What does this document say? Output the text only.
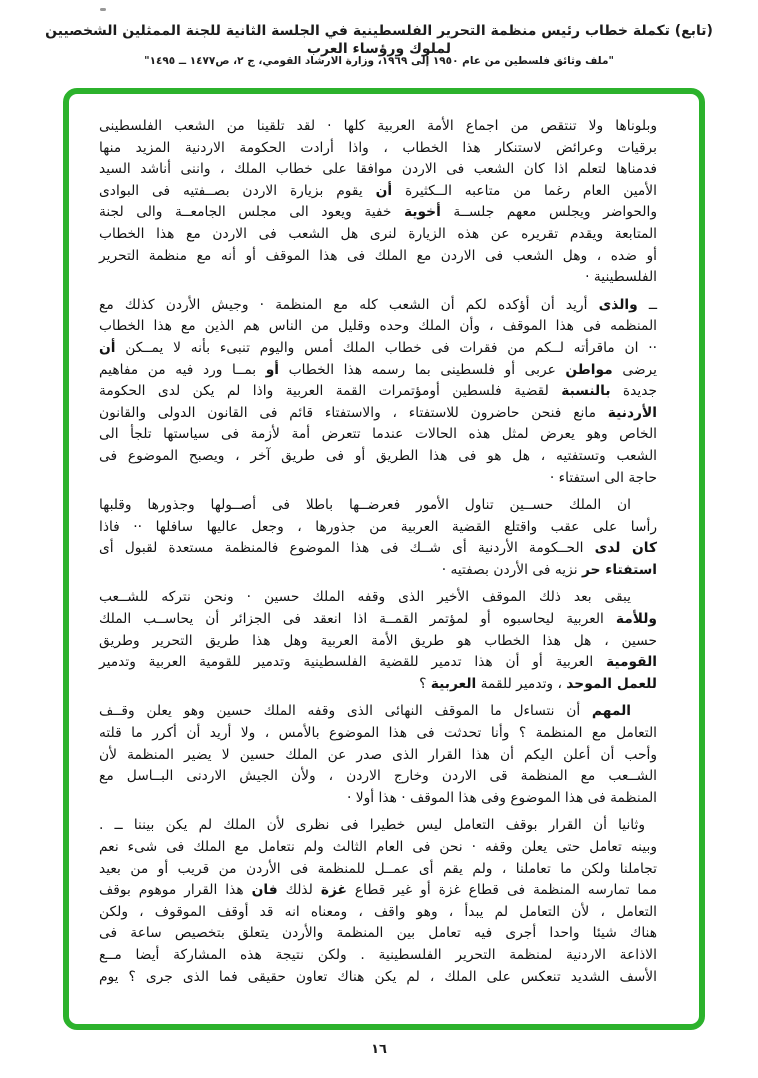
(تابع) تكملة خطاب رئيس منظمة التحرير الفلسطينية في الجلسة الثانية للجنة الممثلين الشخصيين لملوك ورؤساء العرب
"ملف وثائق فلسطين من عام ١٩٥٠ إلى ١٩٦٩، وزارة الارشاد القومي، ج ٢، ص١٤٧٧ ــ ١٤٩٥"
وبلوناها ولا تنتقص من اجماع الأمة العربية كلها · لقد تلقينا من الشعب الفلسطينى
برقيات وعرائض لاستنكار هذا الخطاب ، واذا أرادت الحكومة الاردنية المزيد منها
فدمناها لتعلم اذا كان الشعب فى الاردن موافقا على خطاب الملك ، واننى أناشد السيد
الأمين العام رغما من متاعبه الــكثيرة أن يقوم بزيارة الاردن بصــفتيه فى البوادى
والحواضر ويجلس معهم جلســة أخوية خفية ويعود الى مجلس الجامعــة والى لجنة
المتابعة ويقدم تقريره عن هذه الزيارة لنرى هل الشعب فى الاردن مع هذا الخطاب
أو ضده ، وهل الشعب فى الاردن مع الملك فى هذا الموقف أو أنه مع منظمة التحرير
الفلسطينية ·
ــ والذى أريد أن أؤكده لكم أن الشعب كله مع المنظمة · وجيش الأردن كذلك مع
المنظمه فى هذا الموقف ، وأن الملك وحده وقليل من الناس هم الذين مع هذا الخطاب
·· ان ماقرأته لــكم من فقرات فى خطاب الملك أمس واليوم تنبىء بأنه لا يمــكن أن
يرضى مواطن عربى أو فلسطينى بما رسمه هذا الخطاب أو بمــا ورد فيه من مفاهيم
جديدة بالنسبة لقضية فلسطين أومؤتمرات القمة العربية واذا لم يكن لدى الحكومة
الأردنية مانع فنحن حاضرون للاستفتاء ، والاستفتاء قائم فى القانون الدولى والقانون
الخاص وهو يعرض لمثل هذه الحالات عندما تتعرض أمة لأزمة فى سياستها تلجأ الى
الشعب وتستفتيه ، هل هو فى هذا الطريق أو فى طريق آخر ، ويصبح الموضوع فى
حاجة الى استفتاء ·
ان الملك حســين تناول الأمور فعرضــها باطلا فى أصــولها وجذورها وقلبها
رأسا على عقب واقتلع القضية العربية من جذورها ، وجعل عاليها سافلها ·· فاذا
كان لدى الحــكومة الأردنية أى شــك فى هذا الموضوع فالمنظمة مستعدة لقبول أى
استفتاء حر نزيه فى الأردن بصفتيه ·
يبقى بعد ذلك الموقف الأخير الذى وقفه الملك حسين · ونحن نتركه للشــعب
وللأمة العربية ليحاسبوه أو لمؤتمر القمــة اذا انعقد فى الجزائر أن يحاســب الملك
حسين ، هل هذا الخطاب هو طريق الأمة العربية وهل هذا طريق التحرير وطريق
القومية العربية أو أن هذا تدمير للقضية الفلسطينية وتدمير للقومية العربية وتدمير
للعمل الموحد ، وتدمير للقمة العربية ؟
المهم أن نتساءل ما الموقف النهائى الذى وقفه الملك حسين وهو يعلن وقــف
التعامل مع المنظمة ؟ وأنا تحدثت فى هذا الموضوع بالأمس ، ولا أريد أن أكرر ما قلته
وأحب أن أعلن اليكم أن هذا القرار الذى صدر عن الملك حسين لا يضير المنظمة لأن
الشــعب مع المنظمة قى الاردن وخارج الاردن ، ولأن الجيش الاردنى البــاسل مع
المنظمة فى هذا الموضوع وفى هذا الموقف · هذا أولا ·
وثانيا أن القرار بوقف التعامل ليس خطيرا فى نظرى لأن الملك لم يكن بيننا ــ .
وبينه تعامل حتى يعلن وقفه · نحن فى العام الثالث ولم نتعامل مع الملك فى شىء نعم
تجاملنا ولكن ما تعاملنا ، ولم يقم أى عمــل للمنظمة فى الأردن من قريب أو من بعيد
مما تمارسه المنظمة فى قطاع غزة أو غير قطاع غزة لذلك فان هذا القرار موهوم بوقف
التعامل ، لأن التعامل لم يبدأ ، وهو واقف ، ومعناه انه قد أوقف الموقوف ، ولكن
هناك شيئا واحدا أجرى فيه تعامل بين المنظمة والأردن يتعلق بتخصيص ساعة فى
الاذاعة الاردنية لمنظمة التحرير الفلسطينية . ولكن نتيجة هذه المشاركة أيضا مــع
الأسف الشديد تنعكس على الملك ، لم يكن هناك تعاون حقيقى فما الذى جرى ؟ يوم
١٦
